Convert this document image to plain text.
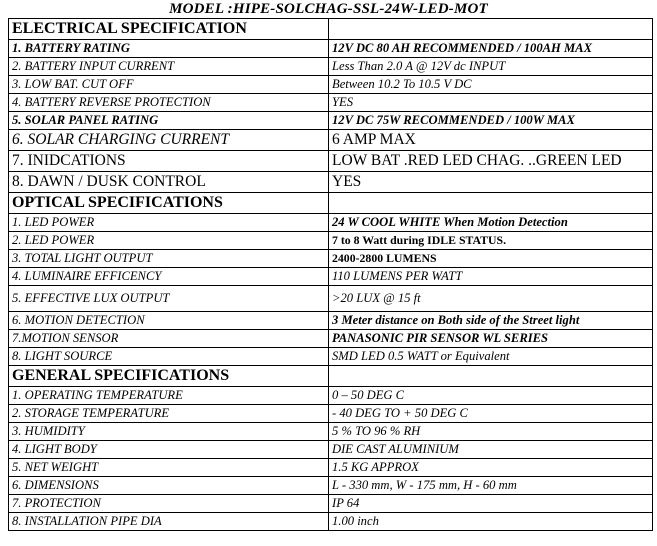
MODEL :HIPE-SOLCHAG-SSL-24W-LED-MOT
ELECTRICAL SPECIFICATION	
1. BATTERY RATING	12V DC 80 AH RECOMMENDED / 100AH MAX
2. BATTERY INPUT CURRENT	Less Than 2.0 A @ 12V dc INPUT
3. LOW BAT. CUT OFF	Between 10.2 To 10.5 V DC
4. BATTERY REVERSE PROTECTION	YES
5. SOLAR PANEL RATING	12V DC 75W RECOMMENDED / 100W MAX
6. SOLAR CHARGING CURRENT	6 AMP MAX
7. INIDCATIONS	LOW BAT .RED LED CHAG. ..GREEN LED
8. DAWN / DUSK CONTROL	YES
OPTICAL SPECIFICATIONS	
1. LED POWER	24 W COOL WHITE When Motion Detection
2. LED POWER	7 to 8 Watt during IDLE STATUS.
3. TOTAL LIGHT OUTPUT	2400-2800 LUMENS
4. LUMINAIRE EFFICENCY	110 LUMENS PER WATT
5. EFFECTIVE LUX OUTPUT	>20 LUX @ 15 ft
6. MOTION DETECTION	3 Meter distance on Both side of the Street light
7.MOTION SENSOR	PANASONIC PIR SENSOR WL SERIES
8. LIGHT SOURCE	SMD LED 0.5 WATT or Equivalent
GENERAL SPECIFICATIONS	
1. OPERATING TEMPERATURE	0 – 50 DEG C
2. STORAGE TEMPERATURE	- 40 DEG TO + 50 DEG C
3. HUMIDITY	5 % TO 96 % RH
4. LIGHT BODY	DIE CAST ALUMINIUM
5. NET WEIGHT	1.5 KG APPROX
6. DIMENSIONS	L - 330 mm, W - 175 mm, H - 60 mm
7. PROTECTION	IP 64
8. INSTALLATION PIPE DIA	1.00 inch
